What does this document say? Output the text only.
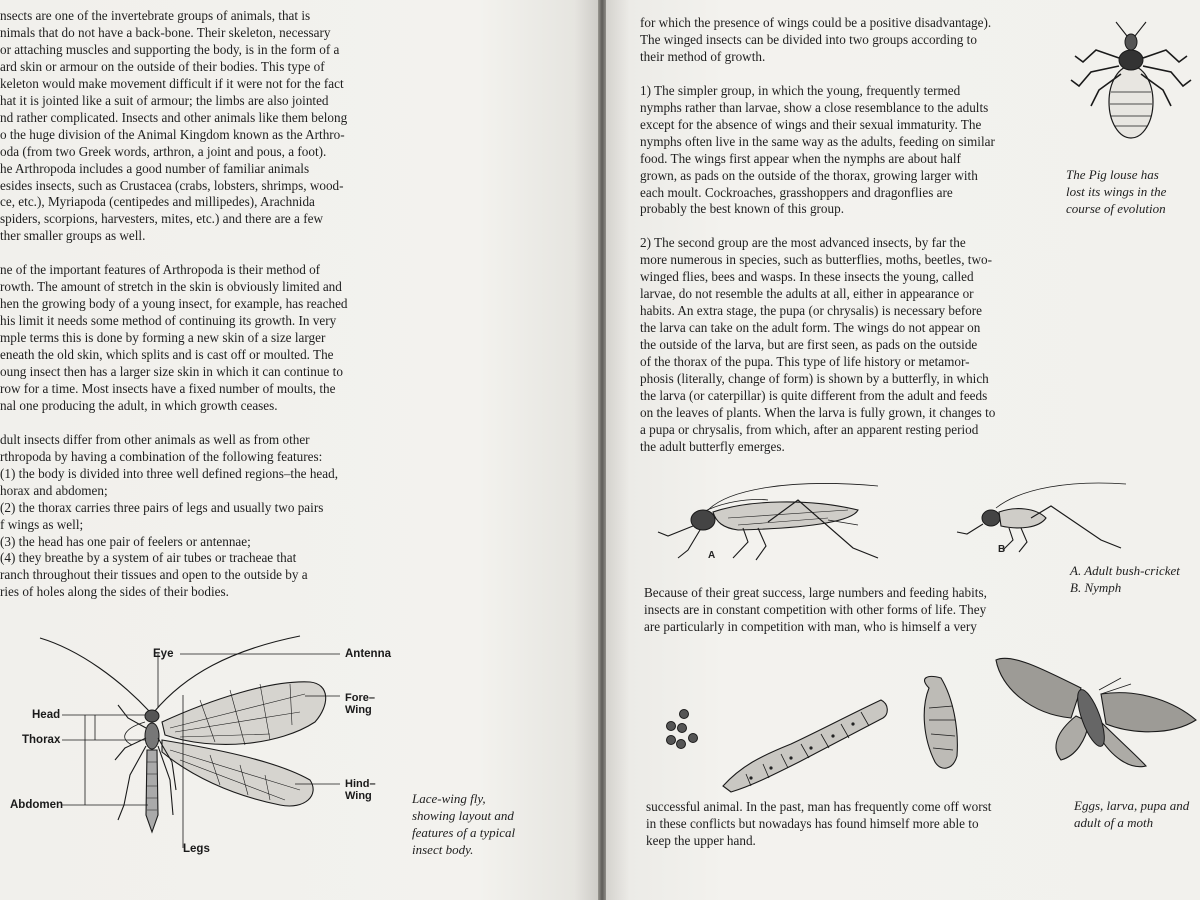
nsects are one of the invertebrate groups of animals, that is

nimals that do not have a back-bone. Their skeleton, necessary

or attaching muscles and supporting the body, is in the form of a

ard skin or armour on the outside of their bodies. This type of

keleton would make movement difficult if it were not for the fact

hat it is jointed like a suit of armour; the limbs are also jointed

nd rather complicated. Insects and other animals like them belong

o the huge division of the Animal Kingdom known as the Arthro-

oda (from two Greek words, arthron, a joint and pous, a foot).

he Arthropoda includes a good number of familiar animals

esides insects, such as Crustacea (crabs, lobsters, shrimps, wood-

ce, etc.), Myriapoda (centipedes and millipedes), Arachnida

spiders, scorpions, harvesters, mites, etc.) and there are a few

ther smaller groups as well.

ne of the important features of Arthropoda is their method of

rowth. The amount of stretch in the skin is obviously limited and

hen the growing body of a young insect, for example, has reached

his limit it needs some method of continuing its growth. In very

mple terms this is done by forming a new skin of a size larger

eneath the old skin, which splits and is cast off or moulted. The

oung insect then has a larger size skin in which it can continue to

row for a time. Most insects have a fixed number of moults, the

nal one producing the adult, in which growth ceases.

dult insects differ from other animals as well as from other

rthropoda by having a combination of the following features:

(1) the body is divided into three well defined regions–the head,

horax and abdomen;

(2) the thorax carries three pairs of legs and usually two pairs

f wings as well;

(3) the head has one pair of feelers or antennae;

(4) they breathe by a system of air tubes or tracheae that

ranch throughout their tissues and open to the outside by a

ries of holes along the sides of their bodies.

Eye	Antenna
Head
Thorax
Abdomen
Legs
Fore–
Wing
Hind–
Wing	Lace-wing fly,

showing layout and

features of a typical

insect body.

for which the presence of wings could be a positive disadvantage).

The winged insects can be divided into two groups according to

their method of growth.

1) The simpler group, in which the young, frequently termed

nymphs rather than larvae, show a close resemblance to the adults

except for the absence of wings and their sexual immaturity. The

nymphs often live in the same way as the adults, feeding on similar

food. The wings first appear when the nymphs are about half

grown, as pads on the outside of the thorax, growing larger with

each moult. Cockroaches, grasshoppers and dragonflies are

probably the best known of this group.

2) The second group are the most advanced insects, by far the

more numerous in species, such as butterflies, moths, beetles, two-

winged flies, bees and wasps. In these insects the young, called

larvae, do not resemble the adults at all, either in appearance or

habits. An extra stage, the pupa (or chrysalis) is necessary before

the larva can take on the adult form. The wings do not appear on

the outside of the larva, but are first seen, as pads on the outside

of the thorax of the pupa. This type of life history or metamor-

phosis (literally, change of form) is shown by a butterfly, in which

the larva (or caterpillar) is quite different from the adult and feeds

on the leaves of plants. When the larva is fully grown, it changes to

a pupa or chrysalis, from which, after an apparent resting period

the adult butterfly emerges.

The Pig louse has

lost its wings in the

course of evolution

A
B

A. Adult bush-cricket

B. Nymph

Because of their great success, large numbers and feeding habits,

insects are in constant competition with other forms of life. They

are particularly in competition with man, who is himself a very

successful animal. In the past, man has frequently come off worst

in these conflicts but nowadays has found himself more able to

keep the upper hand.

Eggs, larva, pupa and

adult of a moth
